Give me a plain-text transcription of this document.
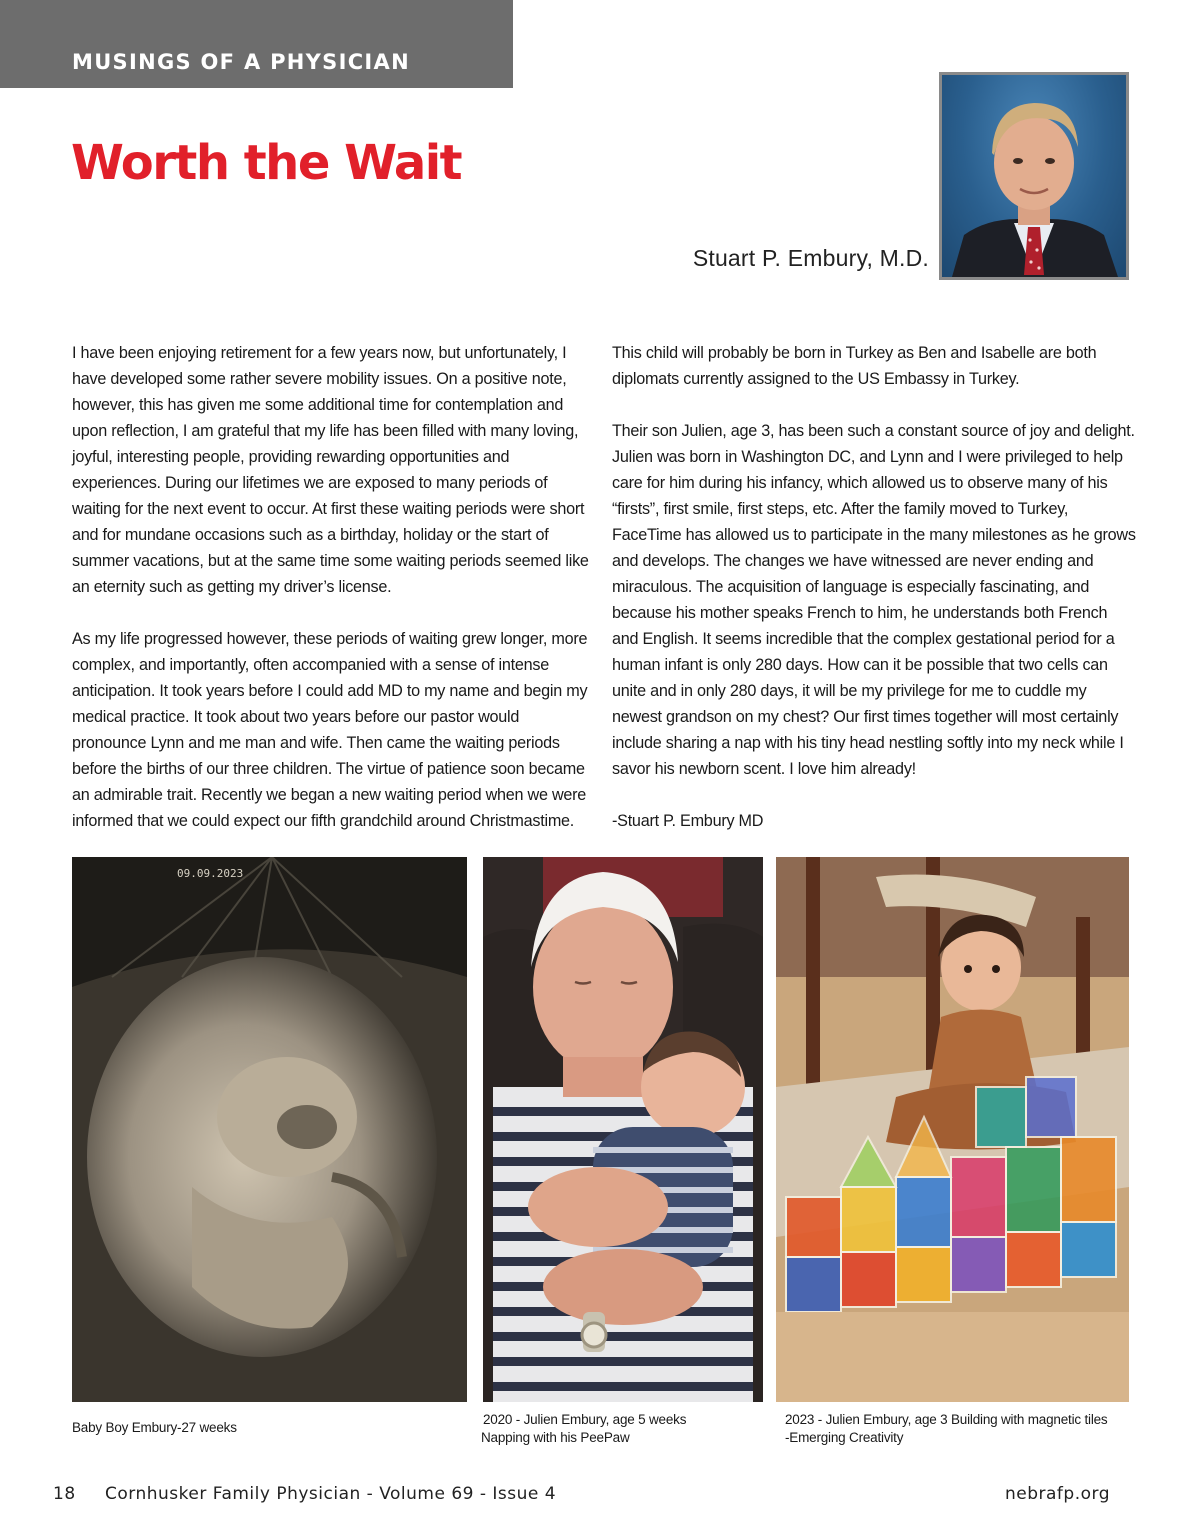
MUSINGS OF A PHYSICIAN
Worth the Wait
Stuart P. Embury, M.D.

I have been enjoying retirement for a few years now, but unfortunately, I have developed some rather severe mobility issues. On a positive note, however, this has given me some additional time for contemplation and upon reflection, I am grateful that my life has been filled with many loving, joyful, interesting people, providing rewarding opportunities and experiences. During our lifetimes we are exposed to many periods of waiting for the next event to occur. At first these waiting periods were short and for mundane occasions such as a birthday, holiday or the start of summer vacations, but at the same time some waiting periods seemed like an eternity such as getting my driver’s license.

As my life progressed however, these periods of waiting grew longer, more complex, and importantly, often accompanied with a sense of intense anticipation. It took years before I could add MD to my name and begin my medical practice. It took about two years before our pastor would pronounce Lynn and me man and wife. Then came the waiting periods before the births of our three children. The virtue of patience soon became an admirable trait. Recently we began a new waiting period when we were informed that we could expect our fifth grandchild around Christmastime.

This child will probably be born in Turkey as Ben and Isabelle are both diplomats currently assigned to the US Embassy in Turkey.

Their son Julien, age 3, has been such a constant source of joy and delight. Julien was born in Washington DC, and Lynn and I were privileged to help care for him during his infancy, which allowed us to observe many of his “firsts”, first smile, first steps, etc. After the family moved to Turkey, FaceTime has allowed us to participate in the many milestones as he grows and develops. The changes we have witnessed are never ending and miraculous. The acquisition of language is especially fascinating, and because his mother speaks French to him, he understands both French and English. It seems incredible that the complex gestational period for a human infant is only 280 days. How can it be possible that two cells can unite and in only 280 days, it will be my privilege for me to cuddle my newest grandson on my chest? Our first times together will most certainly include sharing a nap with his tiny head nestling softly into my neck while I savor his newborn scent. I love him already!

-Stuart P. Embury MD

09.09.2023
Baby Boy Embury-27 weeks
2020 - Julien Embury, age 5 weeks
Napping with his PeePaw
2023 - Julien Embury, age 3 Building with magnetic tiles
-Emerging Creativity
18 Cornhusker Family Physician - Volume 69 - Issue 4	nebrafp.org
